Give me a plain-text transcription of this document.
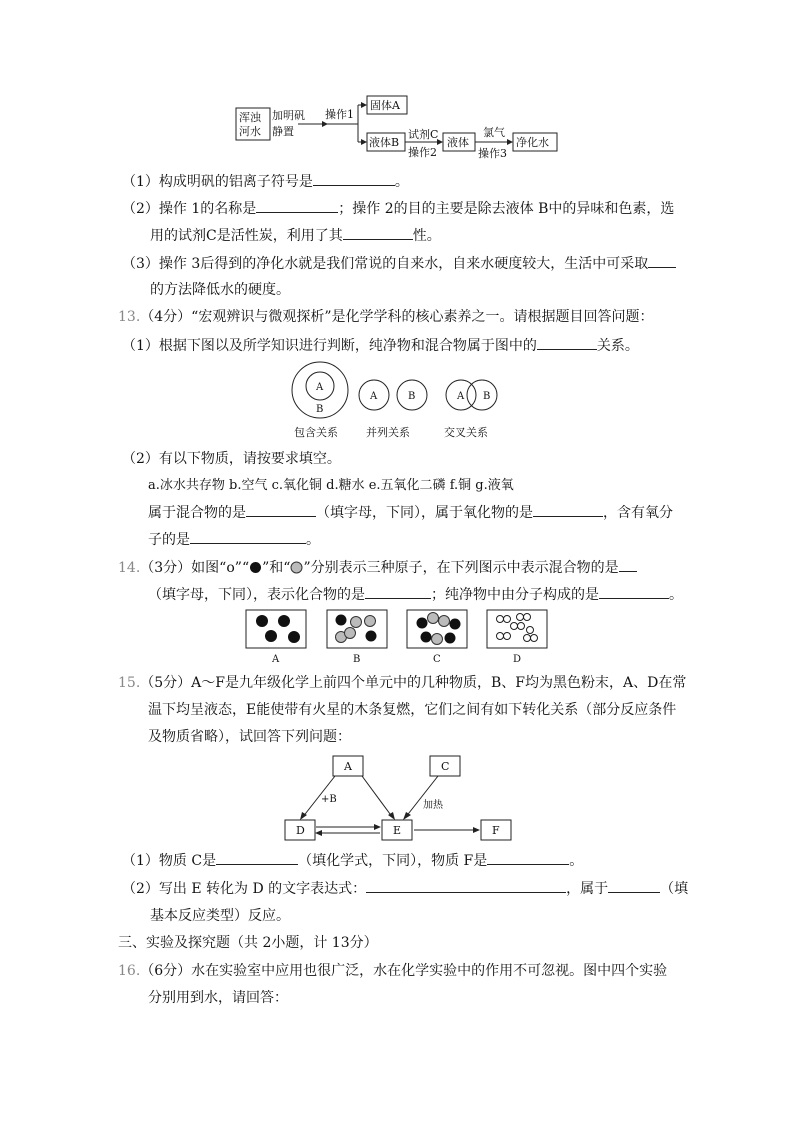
浑浊
河水
加明矾
静置
操作1
固体A
液体B
试剂C
操作2
液体
氯气
操作3
净化水
（1）构成明矾的铝离子符号是	。
（2）操作 1的名称是	；操作 2的目的主要是除去液体 B中的异味和色素，选
用的试剂C是活性炭，利用了其	性。
（3）操作 3后得到的净化水就是我们常说的自来水，自来水硬度较大，生活中可采取
的方法降低水的硬度。
13.（4分）“宏观辨识与微观探析”是化学学科的核心素养之一。请根据题目回答问题：
（1）根据下图以及所学知识进行判断，纯净物和混合物属于图中的	关系。
A
B
A	B	A B
包含关系	并列关系	交叉关系
（2）有以下物质，请按要求填空。
a.冰水共存物 b.空气 c.氧化铜 d.糖水 e.五氧化二磷 f.铜 g.液氧
属于混合物的是	（填字母，下同），属于氧化物的是	，含有氧分
子的是	。
14.（3分）如图“o”“ ”和“ ”分别表示三种原子，在下列图示中表示混合物的是
（填字母，下同），表示化合物的是	；纯净物中由分子构成的是	。
A	B	C	D
15.（5分）A～F是九年级化学上前四个单元中的几种物质，B、F均为黑色粉末，A、D在常
温下均呈液态，E能使带有火星的木条复燃，它们之间有如下转化关系（部分反应条件
及物质省略），试回答下列问题：
A	C
D	E	F
+B
加热
（1）物质 C是	（填化学式，下同），物质 F是	。
（2）写出 E 转化为 D 的文字表达式：	，属于	（填
基本反应类型）反应。
三、实验及探究题（共 2小题，计 13分）
16.（6分）水在实验室中应用也很广泛，水在化学实验中的作用不可忽视。图中四个实验
分别用到水，请回答：
